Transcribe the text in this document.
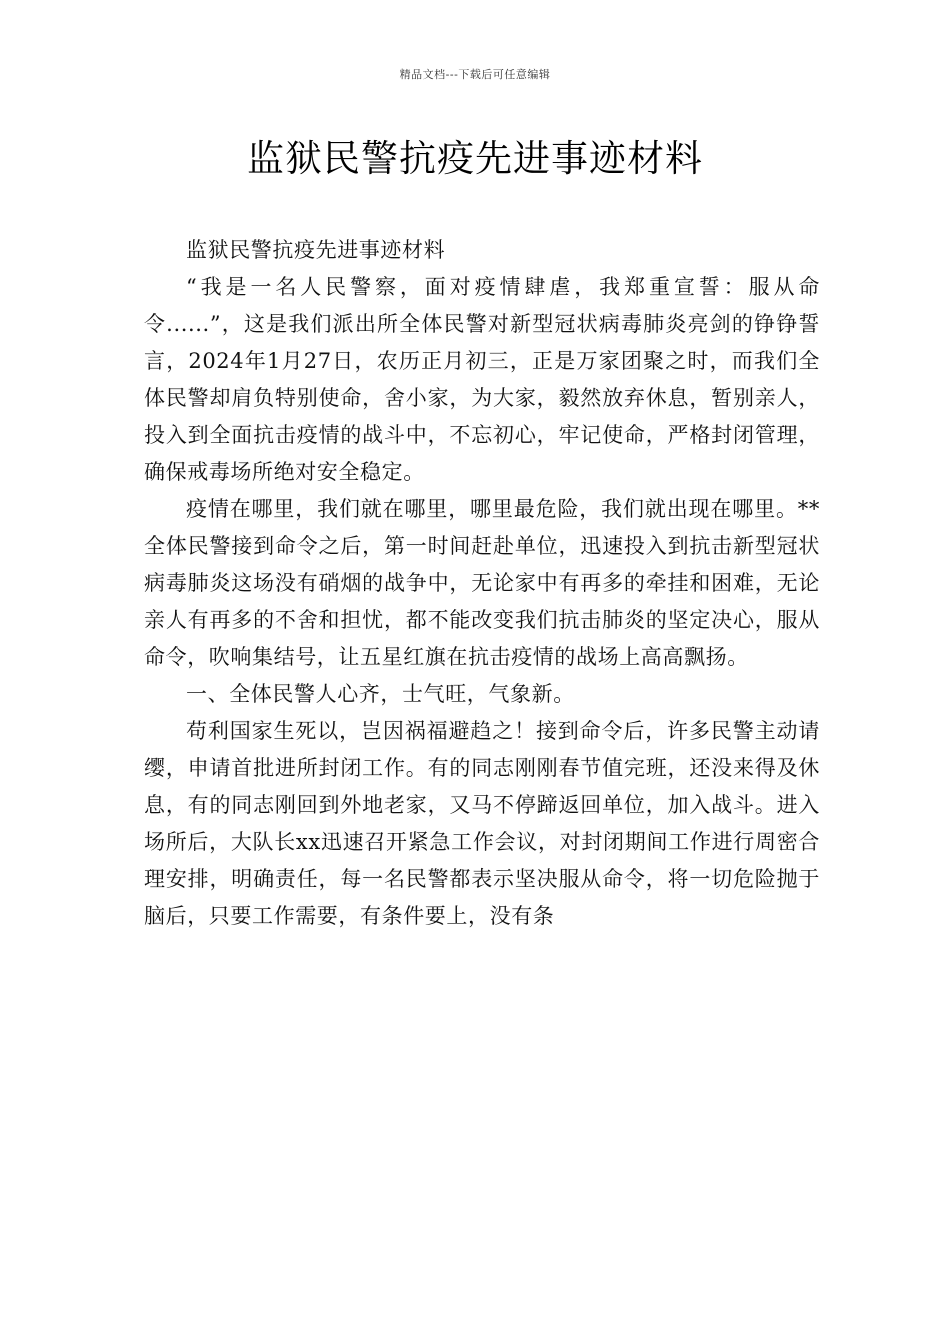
精品文档---下载后可任意编辑
监狱民警抗疫先进事迹材料

监狱民警抗疫先进事迹材料

“我是一名人民警察，面对疫情肆虐，我郑重宣誓：服从命令......”，这是我们派出所全体民警对新型冠状病毒肺炎亮剑的铮铮誓言，2024年1月27日，农历正月初三，正是万家团聚之时，而我们全体民警却肩负特别使命，舍小家，为大家，毅然放弃休息，暂别亲人，投入到全面抗击疫情的战斗中，不忘初心，牢记使命，严格封闭管理，确保戒毒场所绝对安全稳定。

疫情在哪里，我们就在哪里，哪里最危险，我们就出现在哪里。**全体民警接到命令之后，第一时间赶赴单位，迅速投入到抗击新型冠状病毒肺炎这场没有硝烟的战争中，无论家中有再多的牵挂和困难，无论亲人有再多的不舍和担忧，都不能改变我们抗击肺炎的坚定决心，服从命令，吹响集结号，让五星红旗在抗击疫情的战场上高高飘扬。

一、全体民警人心齐，士气旺，气象新。

苟利国家生死以，岂因祸福避趋之！接到命令后，许多民警主动请缨，申请首批进所封闭工作。有的同志刚刚春节值完班，还没来得及休息，有的同志刚回到外地老家，又马不停蹄返回单位，加入战斗。进入场所后，大队长xx迅速召开紧急工作会议，对封闭期间工作进行周密合理安排，明确责任，每一名民警都表示坚决服从命令，将一切危险抛于脑后，只要工作需要，有条件要上，没有条
